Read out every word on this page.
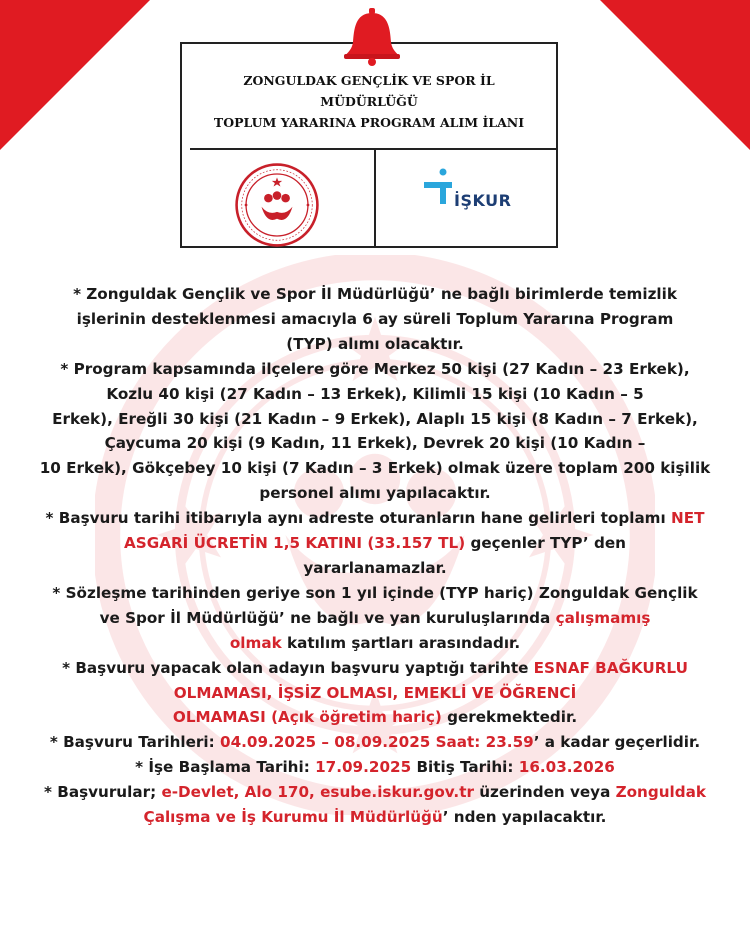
ZONGULDAK GENÇLİK VE SPOR İL
MÜDÜRLÜĞÜ
TOPLUM YARARINA PROGRAM ALIM İLANI
İŞKUR
* Zonguldak Gençlik ve Spor İl Müdürlüğü’ ne bağlı birimlerde temizlik
işlerinin desteklenmesi amacıyla 6 ay süreli Toplum Yararına Program
(TYP) alımı olacaktır.
* Program kapsamında ilçelere göre Merkez 50 kişi (27 Kadın – 23 Erkek),
Kozlu 40 kişi (27 Kadın – 13 Erkek), Kilimli 15 kişi (10 Kadın – 5
Erkek), Ereğli 30 kişi (21 Kadın – 9 Erkek), Alaplı 15 kişi (8 Kadın – 7 Erkek),
Çaycuma 20 kişi (9 Kadın, 11 Erkek), Devrek 20 kişi (10 Kadın –
10 Erkek), Gökçebey 10 kişi (7 Kadın – 3 Erkek) olmak üzere toplam 200 kişilik
personel alımı yapılacaktır.
* Başvuru tarihi itibarıyla aynı adreste oturanların hane gelirleri toplamı NET
ASGARİ ÜCRETİN 1,5 KATINI (33.157 TL) geçenler TYP’ den
yararlanamazlar.
* Sözleşme tarihinden geriye son 1 yıl içinde (TYP hariç) Zonguldak Gençlik
ve Spor İl Müdürlüğü’ ne bağlı ve yan kuruluşlarında çalışmamış
olmak katılım şartları arasındadır.
* Başvuru yapacak olan adayın başvuru yaptığı tarihte ESNAF BAĞKURLU
OLMAMASI, İŞSİZ OLMASI, EMEKLİ VE ÖĞRENCİ
OLMAMASI (Açık öğretim hariç) gerekmektedir.
* Başvuru Tarihleri: 04.09.2025 – 08.09.2025 Saat: 23.59’ a kadar geçerlidir.
* İşe Başlama Tarihi: 17.09.2025 Bitiş Tarihi: 16.03.2026
* Başvurular; e-Devlet, Alo 170, esube.iskur.gov.tr üzerinden veya Zonguldak
Çalışma ve İş Kurumu İl Müdürlüğü’ nden yapılacaktır.
